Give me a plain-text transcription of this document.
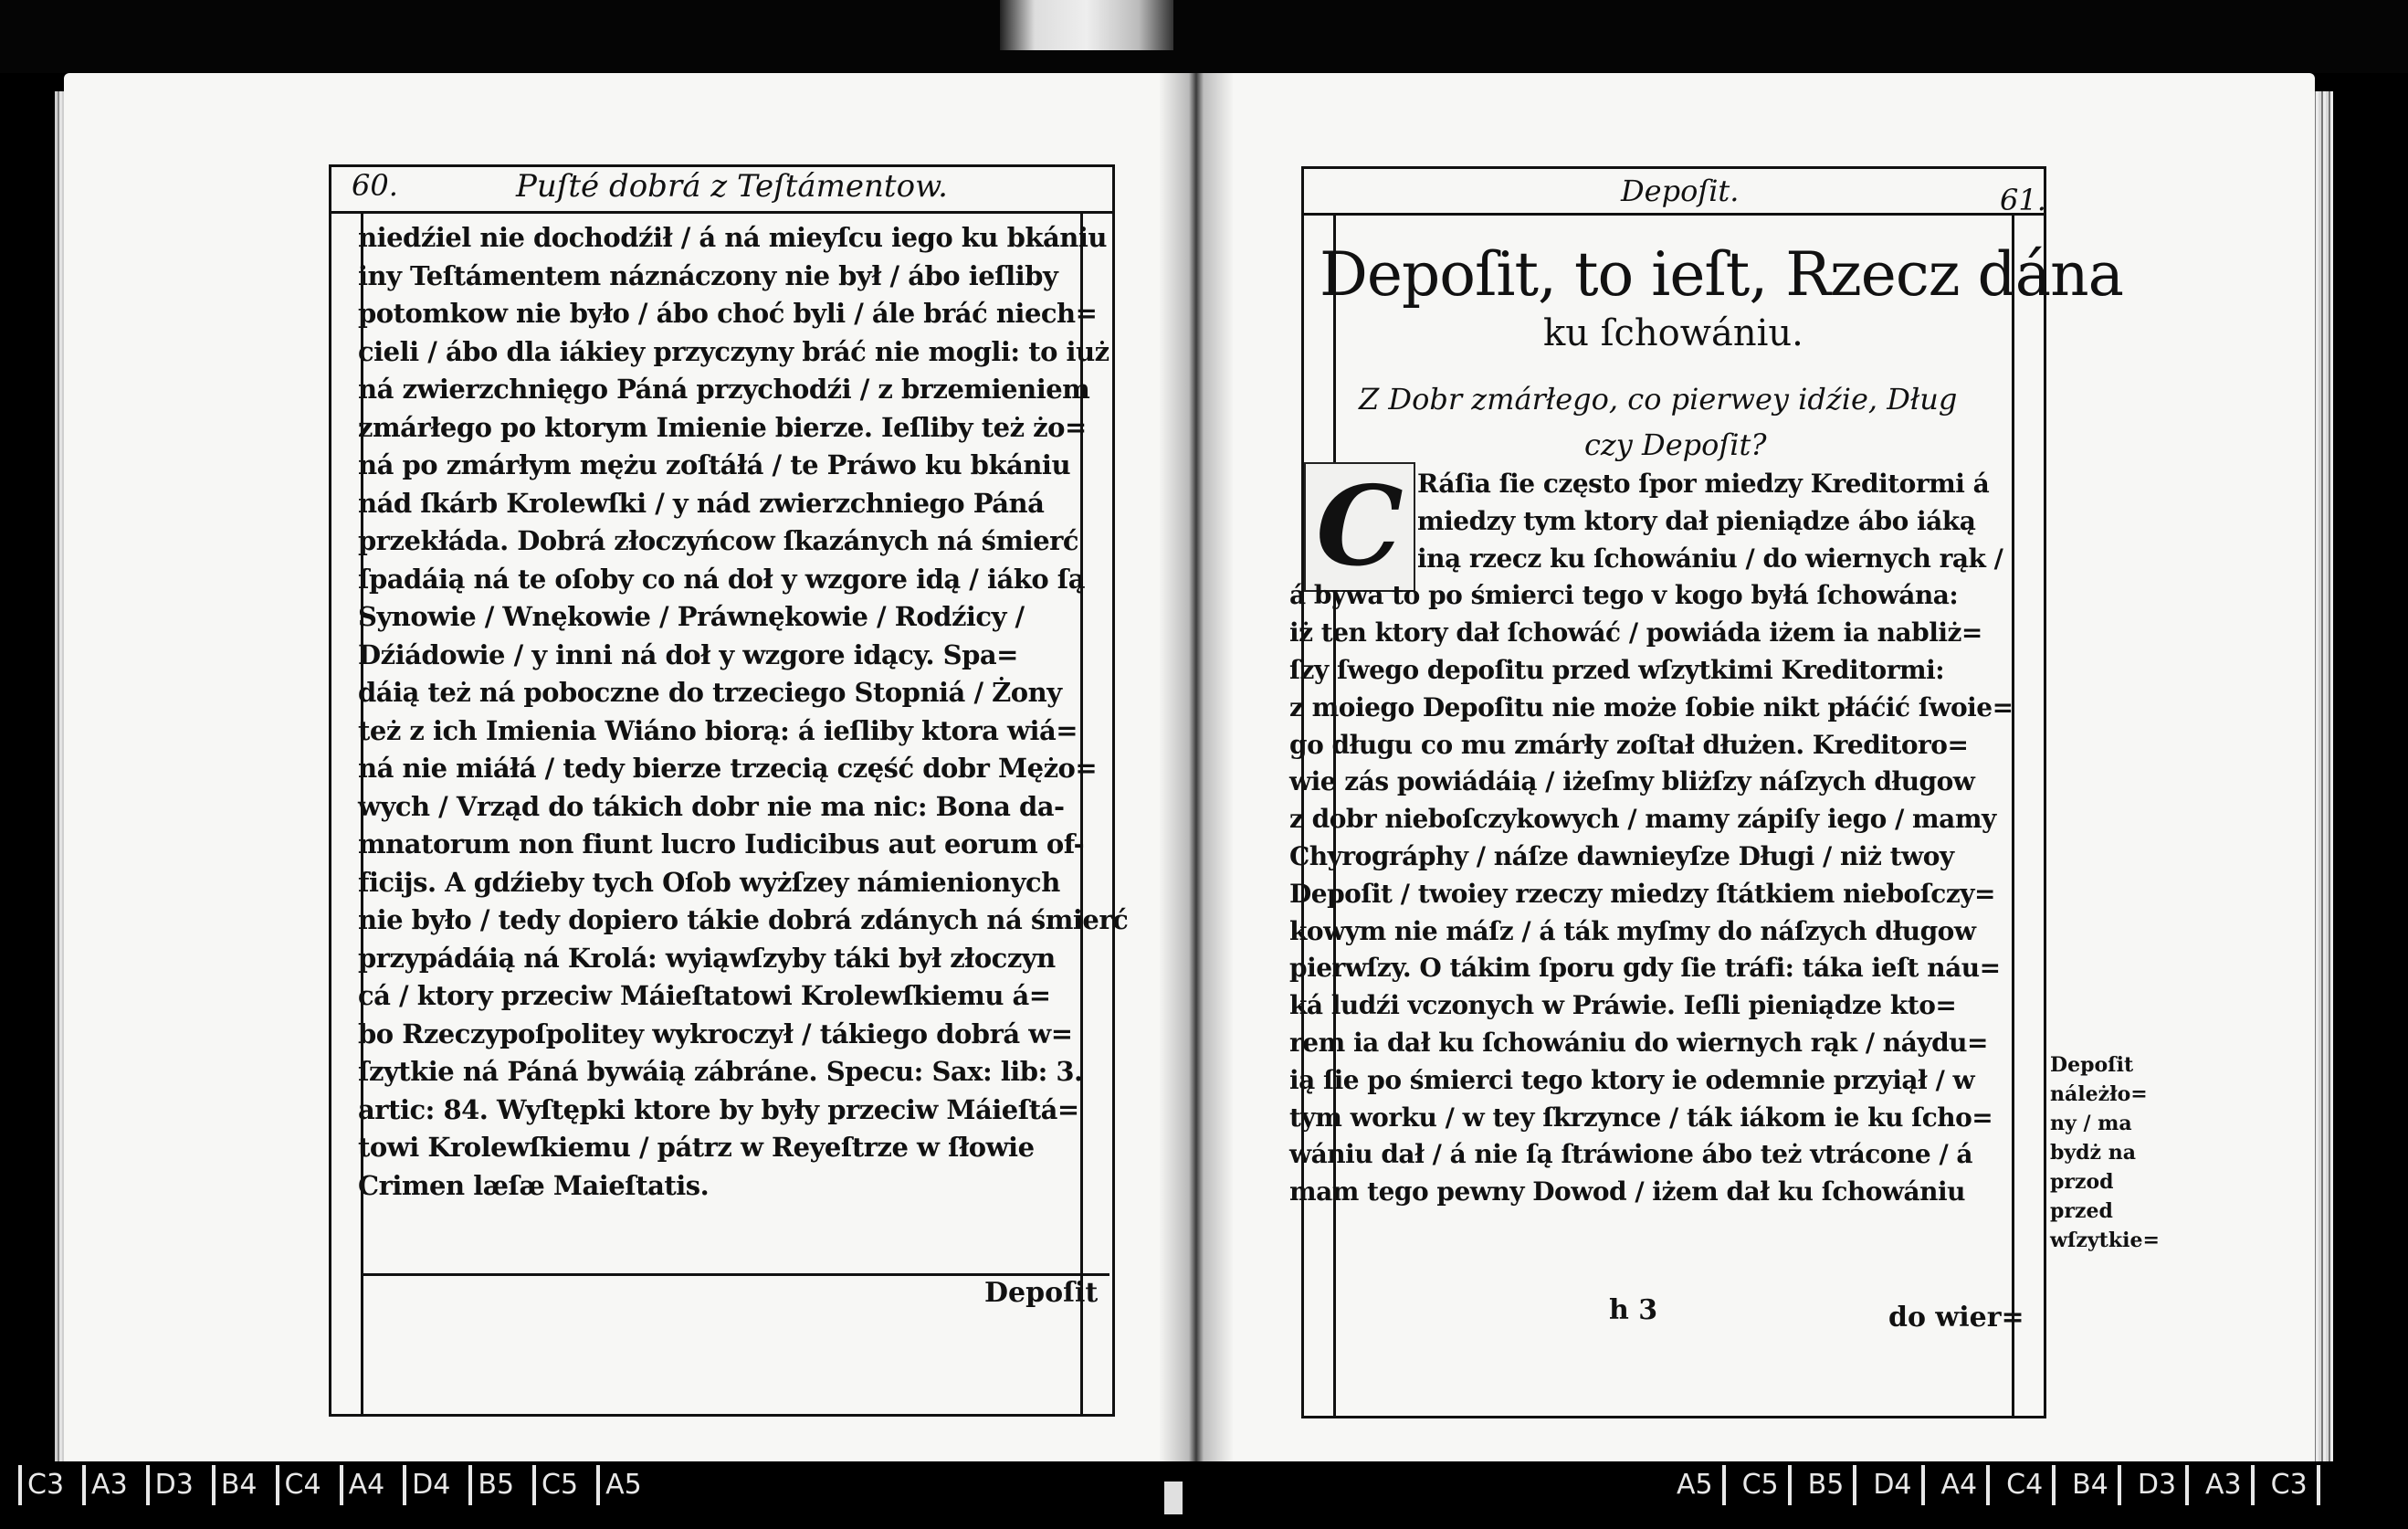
60.	Puſté dobrá z Teſtámentow.
niedźiel nie dochodźił / á ná mieyſcu iego ku bkániu
iny Teſtámentem náznáczony nie był / ábo ieſliby
potomkow nie było / ábo choć byli / ále bráć niech=
cieli / ábo dla iákiey przyczyny bráć nie mogli: to iuż
ná zwierzchnięgo Páná przychodźi / z brzemieniem
zmárłego po ktorym Imienie bierze. Ieſliby też żo=
ná po zmárłym mężu zoſtáłá / te Práwo ku bkániu
nád ſkárb Krolewſki / y nád zwierzchniego Páná
przekłáda. Dobrá złoczyńcow ſkazánych ná śmierć
ſpadáią ná te oſoby co ná doł y wzgore idą / iáko ſą
Synowie / Wnękowie / Práwnękowie / Rodźicy /
Dźiádowie / y inni ná doł y wzgore idący. Spa=
dáią też ná poboczne do trzeciego Stopniá / Żony
też z ich Imienia Wiáno biorą: á ieſliby ktora wiá=
ná nie miáłá / tedy bierze trzecią część dobr Mężo=
wych / Vrząd do tákich dobr nie ma nic: Bona da-
mnatorum non fiunt lucro Iudicibus aut eorum of-
ficijs. A gdźieby tych Oſob wyżſzey námienionych
nie było / tedy dopiero tákie dobrá zdánych ná śmierć
przypádáią ná Krolá: wyiąwſzyby táki był złoczyn
cá / ktory przeciw Máieſtatowi Krolewſkiemu á=
bo Rzeczypoſpolitey wykroczył / tákiego dobrá w=
ſzytkie ná Páná bywáią zábráne. Specu: Sax: lib: 3.
artic: 84. Wyſtępki ktore by były przeciw Máieſtá=
towi Krolewſkiemu / pátrz w Reyeſtrze w ſłowie
Crimen læſæ Maieſtatis.
Depoſit
Depoſit.	61.
Depoſit, to ieſt, Rzecz dána
ku ſchowániu.
Z Dobr zmárłego, co pierwey idźie, Dług
czy Depoſit?
C Ráſia ſie często ſpor miedzy Kreditormi á
miedzy tym ktory dał pieniądze ábo iáką
iną rzecz ku ſchowániu / do wiernych rąk /
á bywa to po śmierci tego v kogo byłá ſchowána:
iż ten ktory dał ſchowáć / powiáda iżem ia nabliż=
ſzy ſwego depoſitu przed wſzytkimi Kreditormi:
z moiego Depoſitu nie może ſobie nikt płáćić ſwoie=
go długu co mu zmárły zoſtał dłużen. Kreditoro=
wie zás powiádáią / iżeſmy bliżſzy náſzych długow
z dobr nieboſczykowych / mamy zápiſy iego / mamy
Chyrográphy / náſze dawnieyſze Długi / niż twoy
Depoſit / twoiey rzeczy miedzy ſtátkiem nieboſczy=
kowym nie máſz / á ták myſmy do náſzych długow
pierwſzy. O tákim ſporu gdy ſie tráfi: táka ieſt náu=
ká ludźi vczonych w Práwie. Ieſli pieniądze kto=
rem ia dał ku ſchowániu do wiernych rąk / náydu=
ią ſie po śmierci tego ktory ie odemnie przyiął / w
tym worku / w tey ſkrzynce / ták iákom ie ku ſcho=
wániu dał / á nie ſą ſtráwione ábo też vtrácone / á
mam tego pewny Dowod / iżem dał ku ſchowániu
Depoſit
náleżło=
ny / ma
bydż na
przod
przed
wſzytkie=
h 3	do wier=
C3	A3	D3	B4	C4	A4	D4	B5	C5	A5	A5	C5	B5	D4	A4	C4	B4	D3	A3	C3
